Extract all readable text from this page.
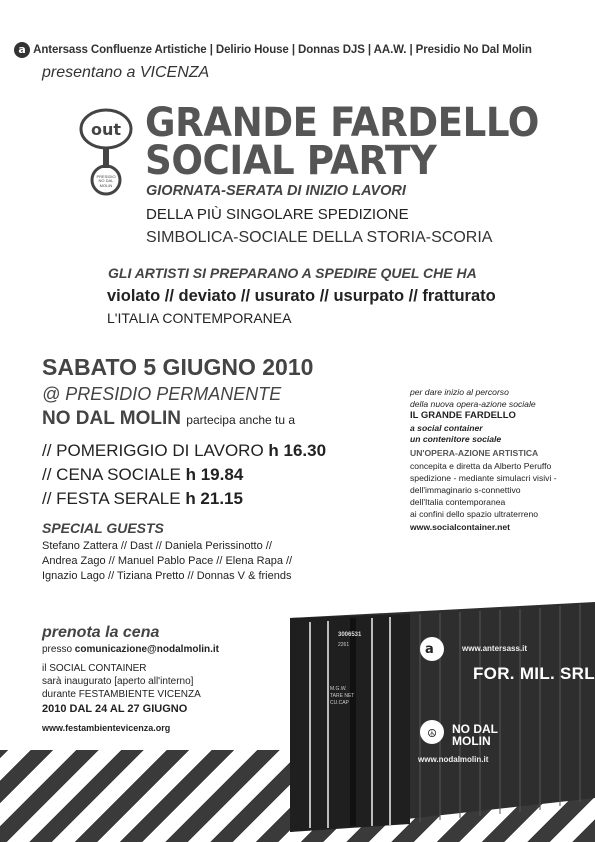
a Antersass Confluenze Artistiche | Delirio House | Donnas DJS | AA.W. | Presidio No Dal Molin
presentano a VICENZA
out
PRESIDIO NO DAL MOLIN
GRANDE FARDELLO
SOCIAL PARTY
GIORNATA-SERATA DI INIZIO LAVORI
DELLA PIÙ SINGOLARE SPEDIZIONE
SIMBOLICA-SOCIALE DELLA STORIA-SCORIA
GLI ARTISTI SI PREPARANO A SPEDIRE QUEL CHE HA
violato // deviato // usurato // usurpato // fratturato
L'ITALIA CONTEMPORANEA
SABATO 5 GIUGNO 2010
@ PRESIDIO PERMANENTE
NO DAL MOLIN partecipa anche tu a
// POMERIGGIO DI LAVORO h 16.30
// CENA SOCIALE h 19.84
// FESTA SERALE h 21.15
SPECIAL GUESTS
Stefano Zattera // Dast // Daniela Perissinotto //
Andrea Zago // Manuel Pablo Pace // Elena Rapa //
Ignazio Lago // Tiziana Pretto // Donnas V & friends
prenota la cena
presso comunicazione@nodalmolin.it
il SOCIAL CONTAINER
sarà inaugurato [aperto all'interno]
durante FESTAMBIENTE VICENZA
2010 DAL 24 AL 27 GIUGNO
www.festambientevicenza.org
per dare inizio al percorso
della nuova opera-azione sociale
IL GRANDE FARDELLO
a social container
un contenitore sociale
UN'OPERA-AZIONE ARTISTICA
concepita e diretta da Alberto Peruffo
spedizione - mediante simulacri visivi -
dell'immaginario s-connettivo
dell'Italia contemporanea
ai confini dello spazio ultraterreno
www.socialcontainer.net
☮
3006531
2261
M.G.W. TARE NET CU.CAP
a	www.antersass.it
FOR. MIL. SRL
NO DAL MOLIN
www.nodalmolin.it
